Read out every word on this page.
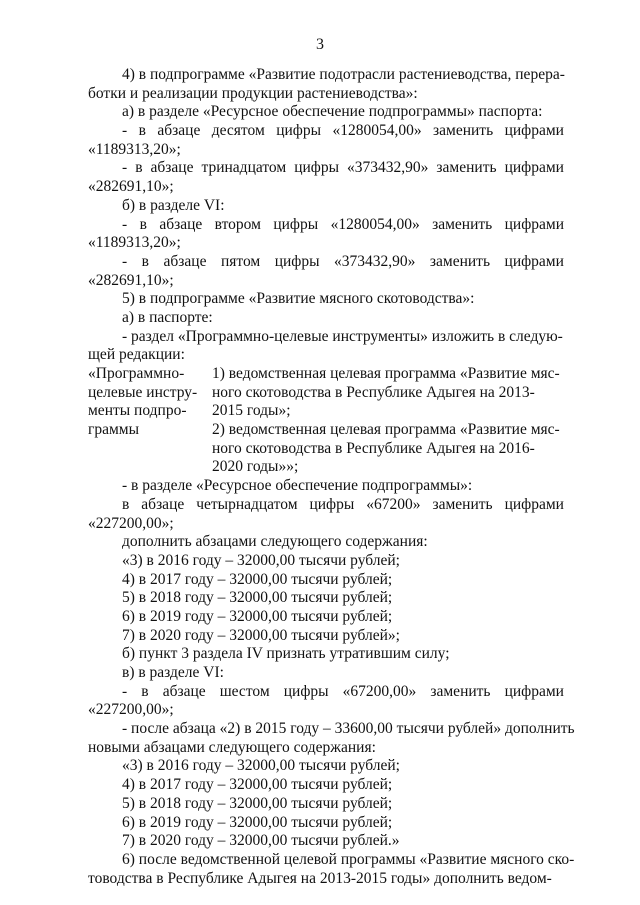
3
4) в подпрограмме «Развитие подотрасли растениеводства, перера-
ботки и реализации продукции растениеводства»:
а) в разделе «Ресурсное обеспечение подпрограммы» паспорта:
- в абзаце десятом цифры «1280054,00» заменить цифрами
«1189313,20»;
- в абзаце тринадцатом цифры «373432,90» заменить цифрами
«282691,10»;
б) в разделе VI:
- в абзаце втором цифры «1280054,00» заменить цифрами
«1189313,20»;
- в абзаце пятом цифры «373432,90» заменить цифрами
«282691,10»;
5) в подпрограмме «Развитие мясного скотоводства»:
а) в паспорте:
- раздел «Программно-целевые инструменты» изложить в следую-
щей редакции:
«Программно-
целевые инстру-
менты подпро-
граммы
1) ведомственная целевая программа «Развитие мяс-
ного скотоводства в Республике Адыгея на 2013-
2015 годы»;
2) ведомственная целевая программа «Развитие мяс-
ного скотоводства в Республике Адыгея на 2016-
2020 годы»»;
- в разделе «Ресурсное обеспечение подпрограммы»:
в абзаце четырнадцатом цифры «67200» заменить цифрами
«227200,00»;
дополнить абзацами следующего содержания:
«3) в 2016 году – 32000,00 тысячи рублей;
4) в 2017 году – 32000,00 тысячи рублей;
5) в 2018 году – 32000,00 тысячи рублей;
6) в 2019 году – 32000,00 тысячи рублей;
7) в 2020 году – 32000,00 тысячи рублей»;
б) пункт 3 раздела IV признать утратившим силу;
в) в разделе VI:
- в абзаце шестом цифры «67200,00» заменить цифрами
«227200,00»;
- после абзаца «2) в 2015 году – 33600,00 тысячи рублей» дополнить
новыми абзацами следующего содержания:
«3) в 2016 году – 32000,00 тысячи рублей;
4) в 2017 году – 32000,00 тысячи рублей;
5) в 2018 году – 32000,00 тысячи рублей;
6) в 2019 году – 32000,00 тысячи рублей;
7) в 2020 году – 32000,00 тысячи рублей.»
6) после ведомственной целевой программы «Развитие мясного ско-
товодства в Республике Адыгея на 2013-2015 годы» дополнить ведом-
